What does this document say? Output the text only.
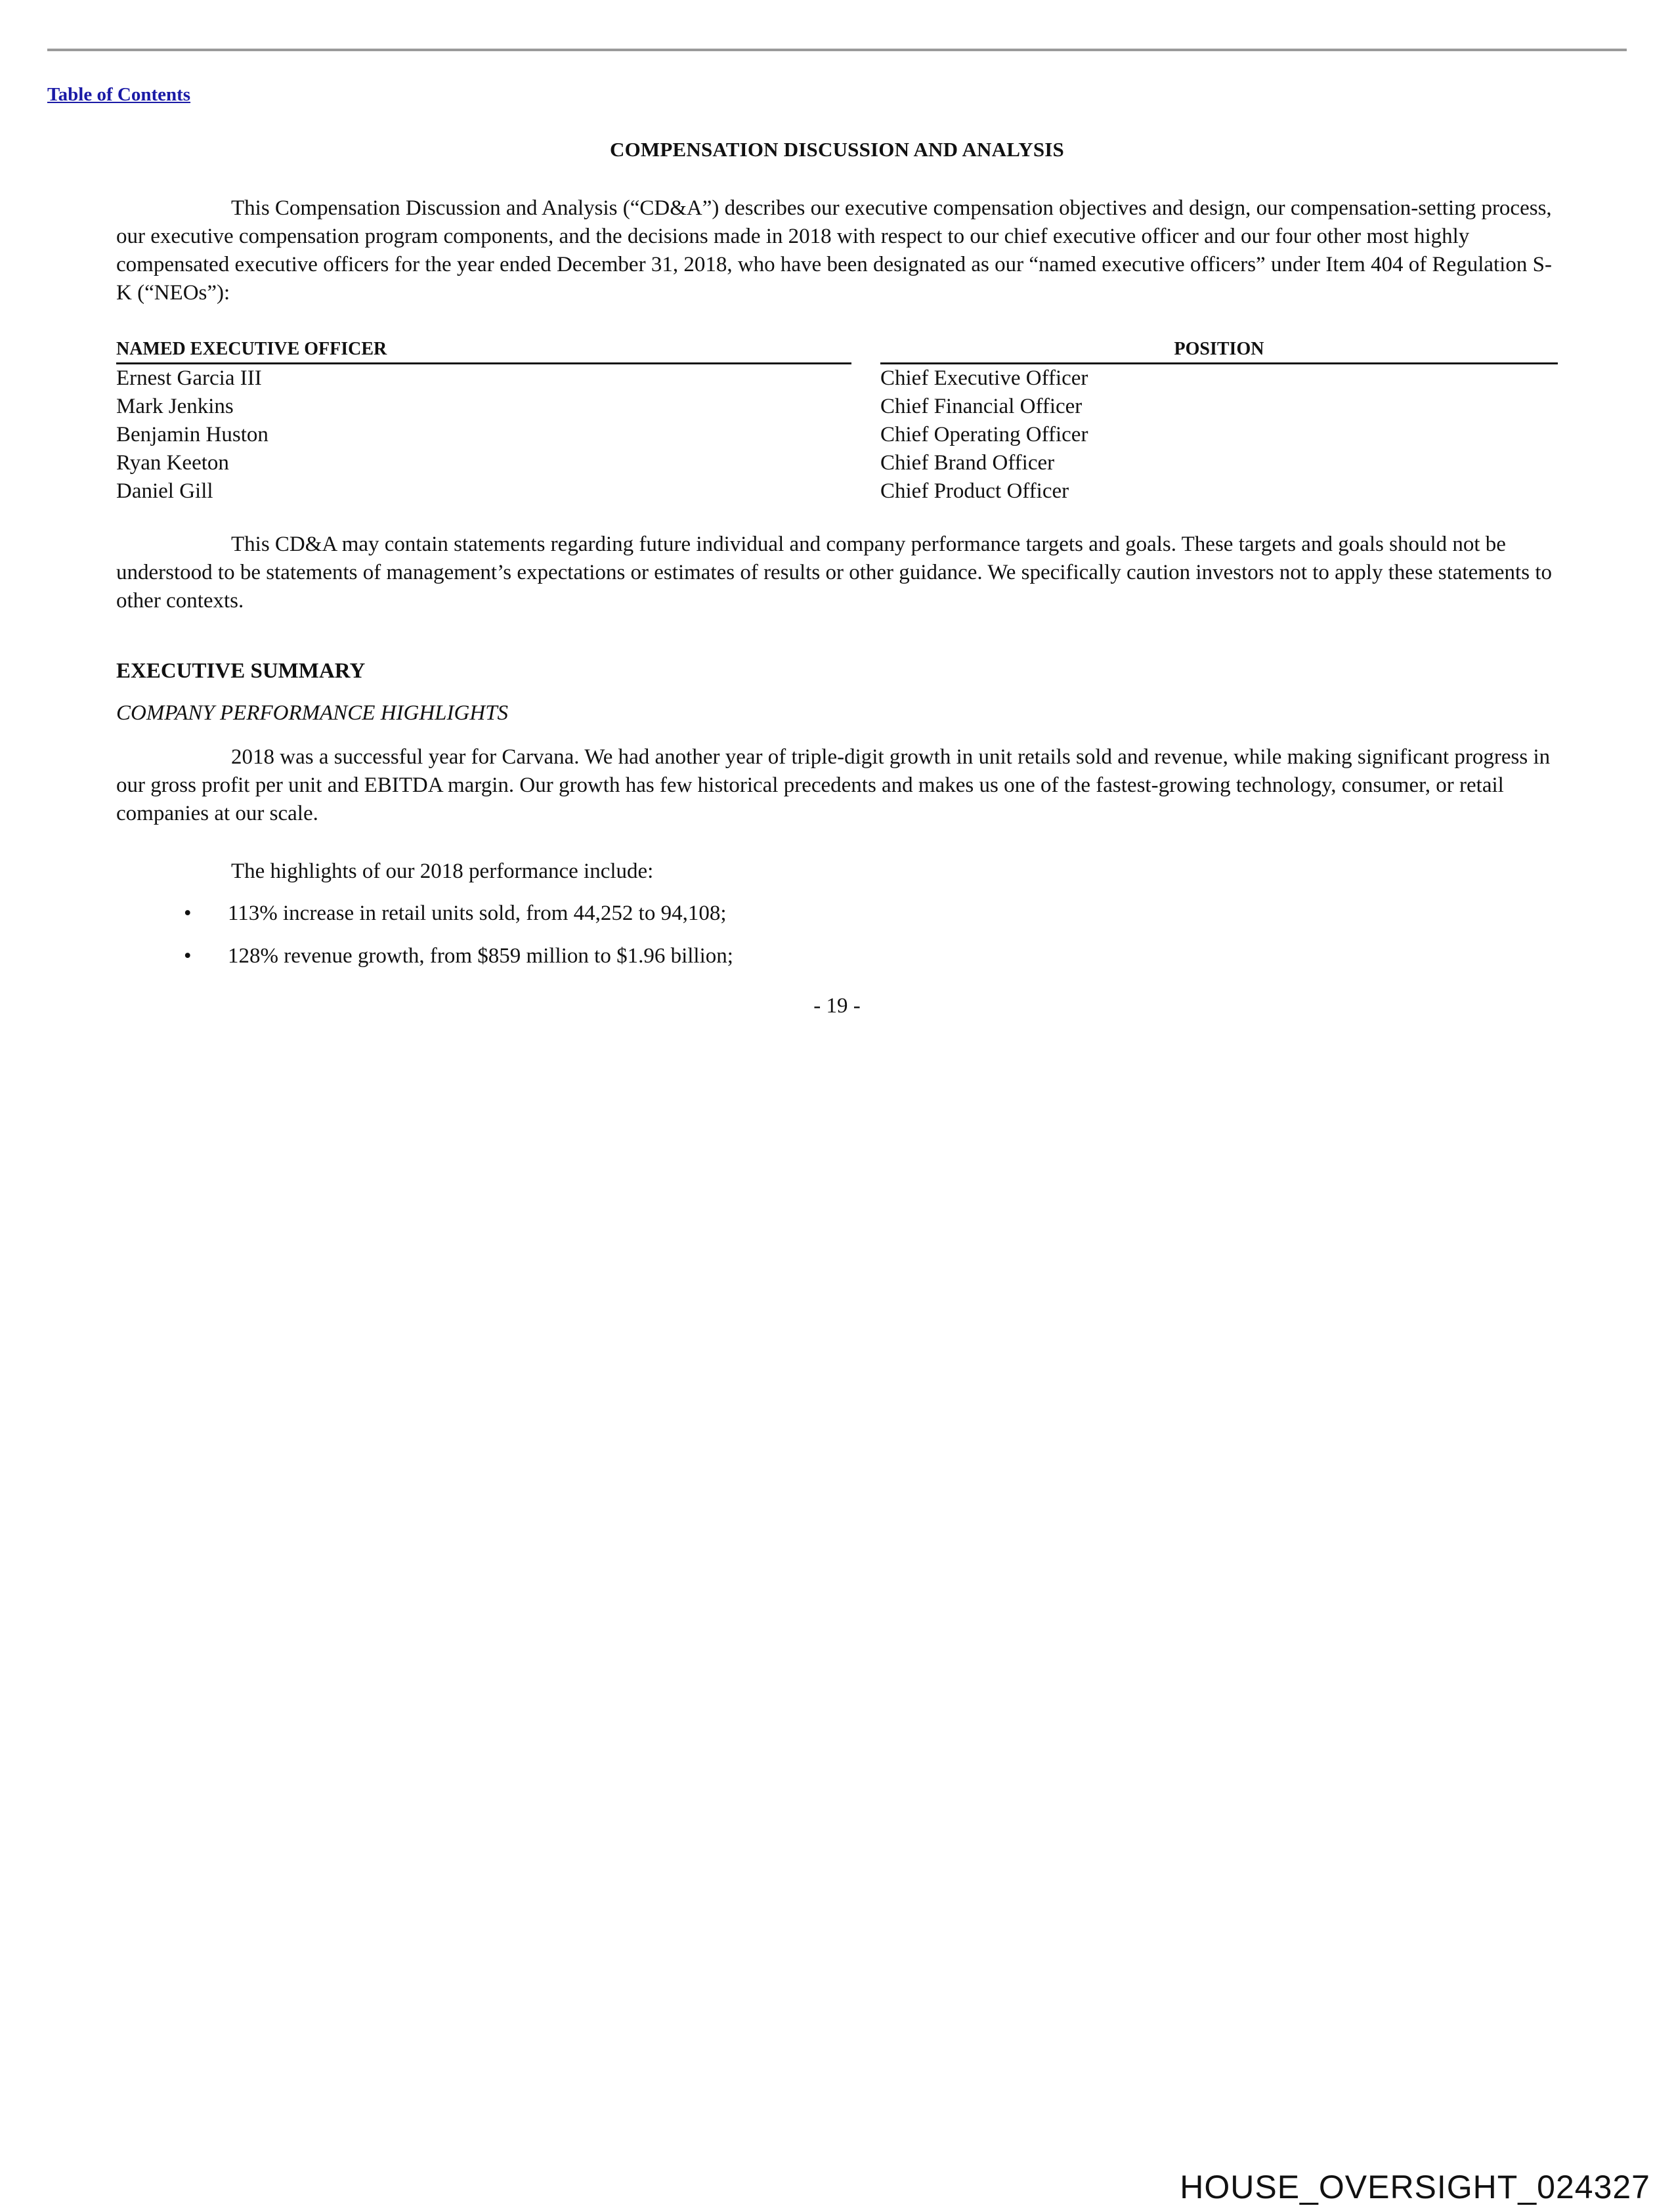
Table of Contents
COMPENSATION DISCUSSION AND ANALYSIS

This Compensation Discussion and Analysis (“CD&A”) describes our executive compensation objectives and design, our compensation-setting process, our executive compensation program components, and the decisions made in 2018 with respect to our chief executive officer and our four other most highly compensated executive officers for the year ended December 31, 2018, who have been designated as our “named executive officers” under Item 404 of Regulation S-K (“NEOs”):

NAMED EXECUTIVE OFFICER		POSITION
Ernest Garcia III		Chief Executive Officer
Mark Jenkins		Chief Financial Officer
Benjamin Huston		Chief Operating Officer
Ryan Keeton		Chief Brand Officer
Daniel Gill		Chief Product Officer

This CD&A may contain statements regarding future individual and company performance targets and goals. These targets and goals should not be understood to be statements of management’s expectations or estimates of results or other guidance. We specifically caution investors not to apply these statements to other contexts.

EXECUTIVE SUMMARY
COMPANY PERFORMANCE HIGHLIGHTS

2018 was a successful year for Carvana. We had another year of triple-digit growth in unit retails sold and revenue, while making significant progress in our gross profit per unit and EBITDA margin. Our growth has few historical precedents and makes us one of the fastest-growing technology, consumer, or retail companies at our scale.

The highlights of our 2018 performance include:

• 113% increase in retail units sold, from 44,252 to 94,108;
• 128% revenue growth, from $859 million to $1.96 billion;
- 19 -
HOUSE_OVERSIGHT_024327
